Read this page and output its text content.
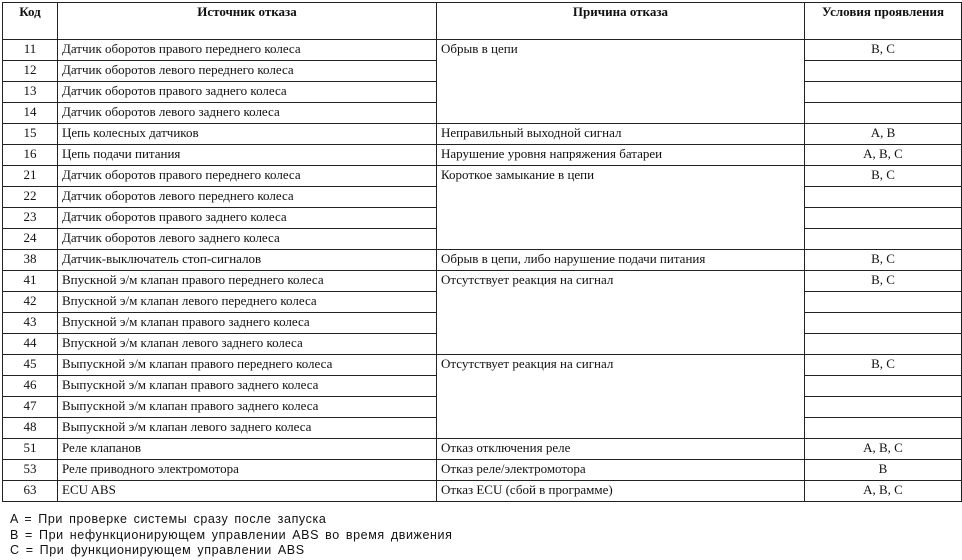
Код	Источник отказа	Причина отказа	Условия проявления
11	Датчик оборотов правого переднего колеса	Обрыв в цепи	B, C
12	Датчик оборотов левого переднего колеса		
13	Датчик оборотов правого заднего колеса		
14	Датчик оборотов левого заднего колеса		
15	Цепь колесных датчиков	Неправильный выходной сигнал	A, B
16	Цепь подачи питания	Нарушение уровня напряжения батареи	A, B, C
21	Датчик оборотов правого переднего колеса	Короткое замыкание в цепи	B, C
22	Датчик оборотов левого переднего колеса		
23	Датчик оборотов правого заднего колеса		
24	Датчик оборотов левого заднего колеса		
38	Датчик-выключатель стоп-сигналов	Обрыв в цепи, либо нарушение подачи питания	B, C
41	Впускной э/м клапан правого переднего колеса	Отсутствует реакция на сигнал	B, C
42	Впускной э/м клапан левого переднего колеса		
43	Впускной э/м клапан правого заднего колеса		
44	Впускной э/м клапан левого заднего колеса		
45	Выпускной э/м клапан правого переднего колеса	Отсутствует реакция на сигнал	B, C
46	Выпускной э/м клапан правого заднего колеса		
47	Выпускной э/м клапан правого заднего колеса		
48	Выпускной э/м клапан левого заднего колеса		
51	Реле клапанов	Отказ отключения реле	A, B, C
53	Реле приводного электромотора	Отказ реле/электромотора	B
63	ECU ABS	Отказ ECU (сбой в программе)	A, B, C
A = При проверке системы сразу после запуска
B = При нефункционирующем управлении ABS во время движения
C = При функционирующем управлении ABS
